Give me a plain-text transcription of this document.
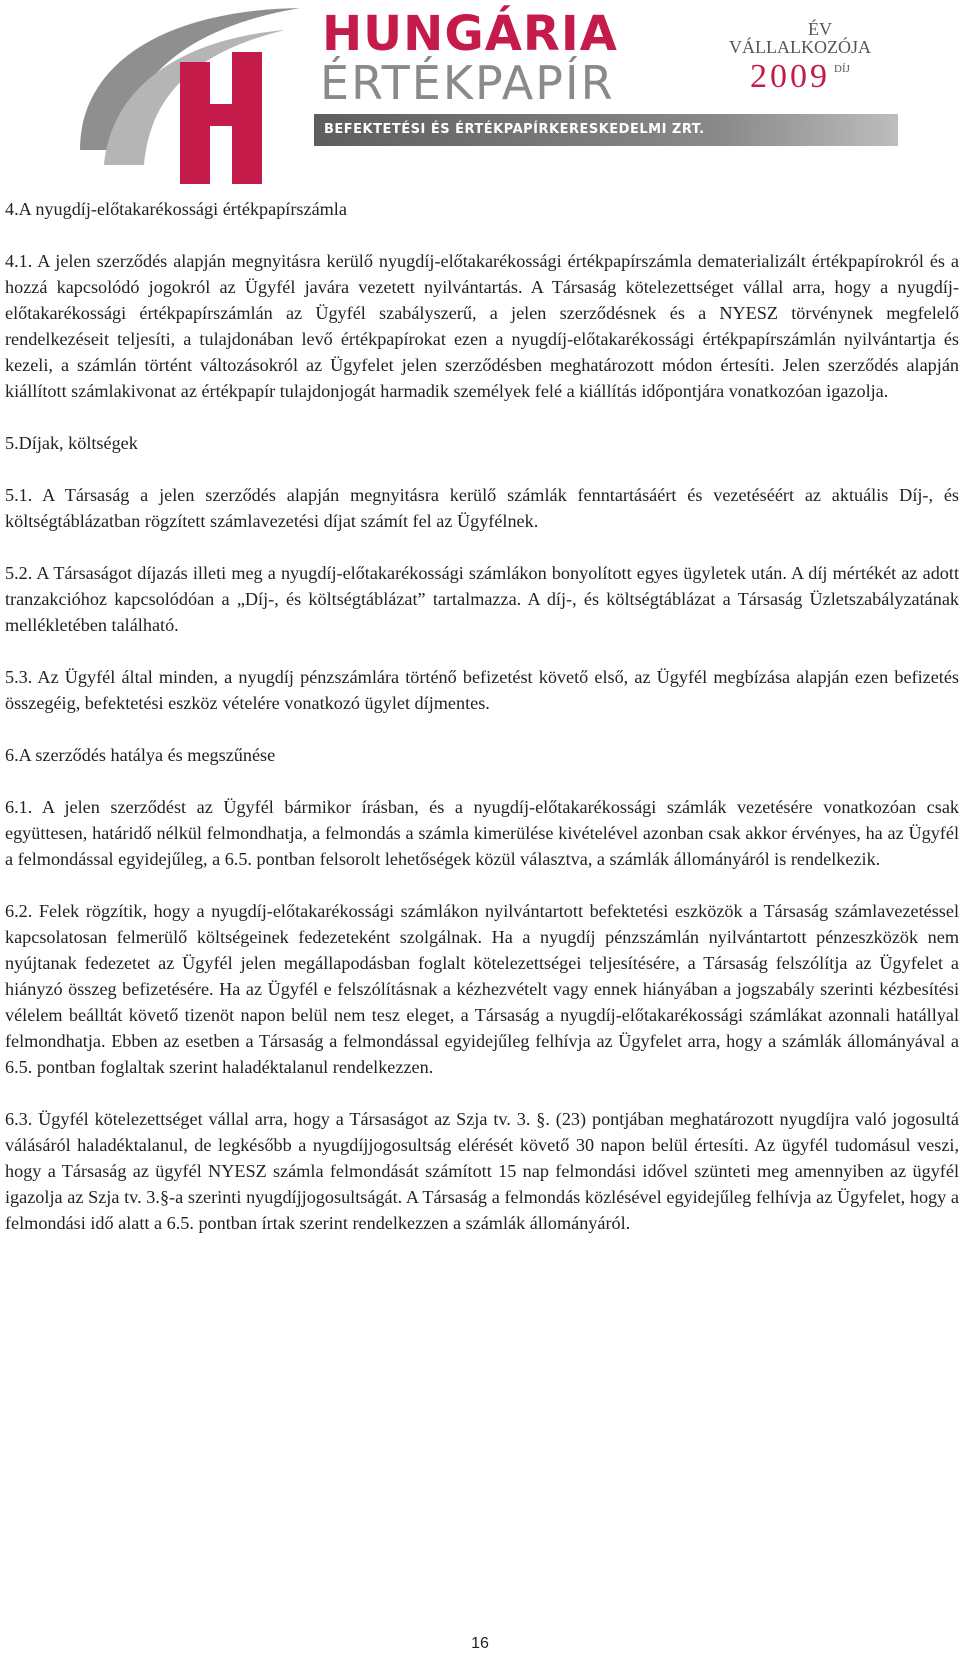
HUNGÁRIA
ÉRTÉKPAPÍR
BEFEKTETÉSI ÉS ÉRTÉKPAPÍRKERESKEDELMI ZRT.
ÉV
VÁLLALKOZÓJA
2009 $^{DÍJ}$

4.A nyugdíj-előtakarékossági értékpapírszámla

4.1. A jelen szerződés alapján megnyitásra kerülő nyugdíj-előtakarékossági értékpapírszámla dematerializált értékpapírokról és a hozzá kapcsolódó jogokról az Ügyfél javára vezetett nyilvántartás. A Társaság kötelezettséget vállal arra, hogy a nyugdíj-előtakarékossági értékpapírszámlán az Ügyfél szabályszerű, a jelen szerződésnek és a NYESZ törvénynek megfelelő rendelkezéseit teljesíti, a tulajdonában levő értékpapírokat ezen a nyugdíj-előtakarékossági értékpapírszámlán nyilvántartja és kezeli, a számlán történt változásokról az Ügyfelet jelen szerződésben meghatározott módon értesíti. Jelen szerződés alapján kiállított számlakivonat az értékpapír tulajdonjogát harmadik személyek felé a kiállítás időpontjára vonatkozóan igazolja.

5.Díjak, költségek

5.1. A Társaság a jelen szerződés alapján megnyitásra kerülő számlák fenntartásáért és vezetéséért az aktuális Díj-, és költségtáblázatban rögzített számlavezetési díjat számít fel az Ügyfélnek.

5.2. A Társaságot díjazás illeti meg a nyugdíj-előtakarékossági számlákon bonyolított egyes ügyletek után. A díj mértékét az adott tranzakcióhoz kapcsolódóan a „Díj-, és költségtáblázat” tartalmazza. A díj-, és költségtáblázat a Társaság Üzletszabályzatának mellékletében található.

5.3. Az Ügyfél által minden, a nyugdíj pénzszámlára történő befizetést követő első, az Ügyfél megbízása alapján ezen befizetés összegéig, befektetési eszköz vételére vonatkozó ügylet díjmentes.

6.A szerződés hatálya és megszűnése

6.1. A jelen szerződést az Ügyfél bármikor írásban, és a nyugdíj-előtakarékossági számlák vezetésére vonatkozóan csak együttesen, határidő nélkül felmondhatja, a felmondás a számla kimerülése kivételével azonban csak akkor érvényes, ha az Ügyfél a felmondással egyidejűleg, a 6.5. pontban felsorolt lehetőségek közül választva, a számlák állományáról is rendelkezik.

6.2. Felek rögzítik, hogy a nyugdíj-előtakarékossági számlákon nyilvántartott befektetési eszközök a Társaság számlavezetéssel kapcsolatosan felmerülő költségeinek fedezeteként szolgálnak. Ha a nyugdíj pénzszámlán nyilvántartott pénzeszközök nem nyújtanak fedezetet az Ügyfél jelen megállapodásban foglalt kötelezettségei teljesítésére, a Társaság felszólítja az Ügyfelet a hiányzó összeg befizetésére. Ha az Ügyfél e felszólításnak a kézhezvételt vagy ennek hiányában a jogszabály szerinti kézbesítési vélelem beálltát követő tizenöt napon belül nem tesz eleget, a Társaság a nyugdíj-előtakarékossági számlákat azonnali hatállyal felmondhatja. Ebben az esetben a Társaság a felmondással egyidejűleg felhívja az Ügyfelet arra, hogy a számlák állományával a 6.5. pontban foglaltak szerint haladéktalanul rendelkezzen.

6.3. Ügyfél kötelezettséget vállal arra, hogy a Társaságot az Szja tv. 3. §. (23) pontjában meghatározott nyugdíjra való jogosultá válásáról haladéktalanul, de legkésőbb a nyugdíjjogosultság elérését követő 30 napon belül értesíti. Az ügyfél tudomásul veszi, hogy a Társaság az ügyfél NYESZ számla felmondását számított 15 nap felmondási idővel szünteti meg amennyiben az ügyfél igazolja az Szja tv. 3.§-a szerinti nyugdíjjogosultságát. A Társaság a felmondás közlésével egyidejűleg felhívja az Ügyfelet, hogy a felmondási idő alatt a 6.5. pontban írtak szerint rendelkezzen a számlák állományáról.

16
